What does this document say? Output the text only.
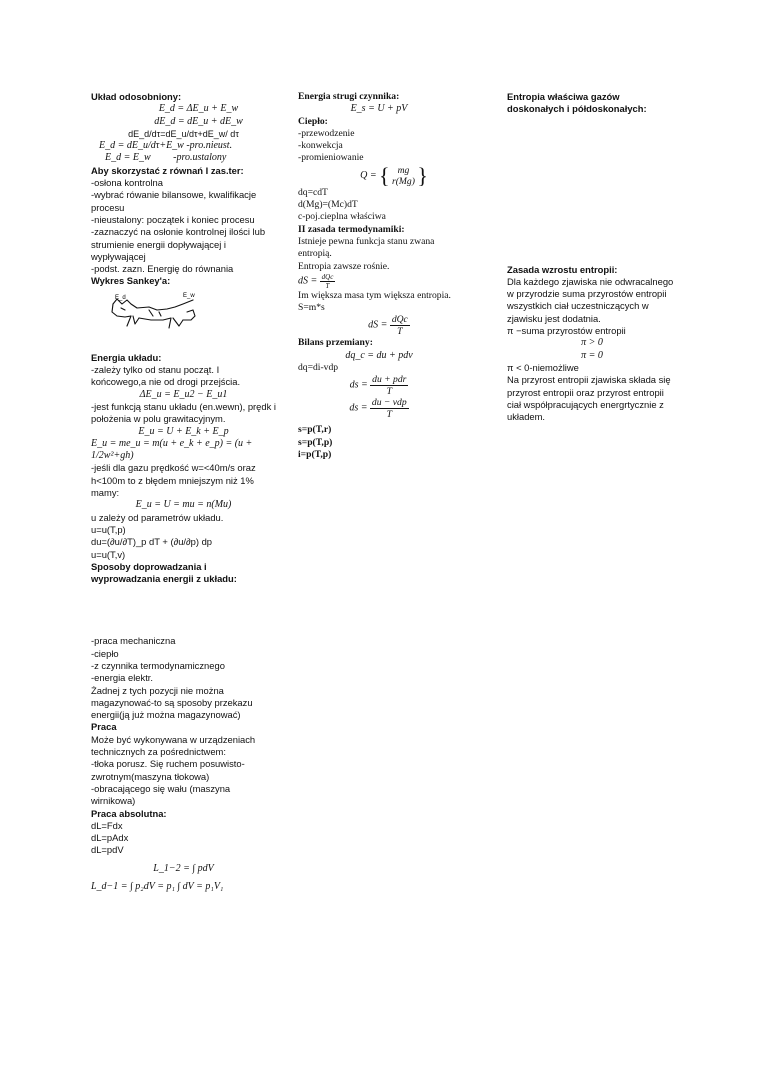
Układ odosobniony:
E_d = ΔE_u + E_w
dE_d = dE_u + dE_w
dE_d/dτ=dE_u/dτ+dE_w/ dτ
E_d = dE_u/dτ+E_w -pro.nieust.
E_d = E_w         -pro.ustalony
Aby skorzystać z równań I zas.ter:
-osłona kontrolna
-wybrać rówanie bilansowe, kwalifikacje procesu
-nieustalony: początek i koniec procesu
-zaznaczyć na osłonie kontrolnej ilości lub strumienie energii dopływającej i wypływającej
-podst. zazn. Energię do równania
Wykres Sankey'a:
E_d	E_w
Energia układu:
-zależy tylko od stanu począt. I końcowego,a nie od drogi przejścia.
ΔE_u = E_u2 − E_u1
-jest funkcją stanu układu (en.wewn), prędk i położenia w polu grawitacyjnym.
E_u = U + E_k + E_p
E_u = me_u = m(u + e_k + e_p) = (u + 1/2w²+gh)
-jeśli dla gazu prędkość w=<40m/s oraz h<100m to z błędem mniejszym niż 1% mamy:
E_u = U = mu = n(Mu)
u zależy od parametrów układu.
u=u(T,p)
du=(∂u/∂T)_p dT + (∂u/∂p) dp
u=u(T,v)
Sposoby doprowadzania i wyprowadzania energii z układu:
-praca mechaniczna
-ciepło
-z czynnika termodynamicznego
-energia elektr.
Żadnej z tych pozycji nie można magazynować-to są sposoby przekazu energii(ją już można magazynować)
Praca
Może być wykonywana w urządzeniach technicznych za pośrednictwem:
-tłoka porusz. Się ruchem posuwisto-zwrotnym(maszyna tłokowa)
-obracającego się wału (maszyna wirnikowa)
Praca absolutna:
dL=Fdx
dL=pAdx
dL=pdV
L_1−2 = ∫ pdV
L_d−1 = ∫ p₂dV = p₁ ∫ dV = p₁V₁
Energia strugi czynnika:
E_s = U + pV
Ciepło:
-przewodzenie
-konwekcja
-promieniowanie
Q = { mg
r(Mg) }
dq=cdT
d(Mg)=(Mc)dT
c-poj.cieplna właściwa
II zasada termodynamiki:
Istnieje pewna funkcja stanu zwana entropią.
Entropia zawsze rośnie.
dS = $\frac{\text{dQc}}{T}$
Im większa masa tym większa entropia.
S=m*s
dS = $\frac{\text{dQc}}{T}$
Bilans przemiany:
dq_c = du + pdv
dq=di-vdp
ds = $\frac{\text{du + pdr}}{T}$
ds = $\frac{\text{du − vdp}}{T}$
s=p(T,r)
s=p(T,p)
i=p(T,p)
Entropia właściwa gazów doskonałych i półdoskonałych:
Zasada wzrostu entropii:
Dla każdego zjawiska nie odwracalnego w przyrodzie suma przyrostów entropii wszystkich ciał uczestniczących w zjawisku jest dodatnia.
π −suma przyrostów entropii
π > 0
π = 0
π < 0-niemożliwe
Na przyrost entropii zjawiska składa się przyrost entropii oraz przyrost entropii ciał współpracujących energrtycznie z układem.
